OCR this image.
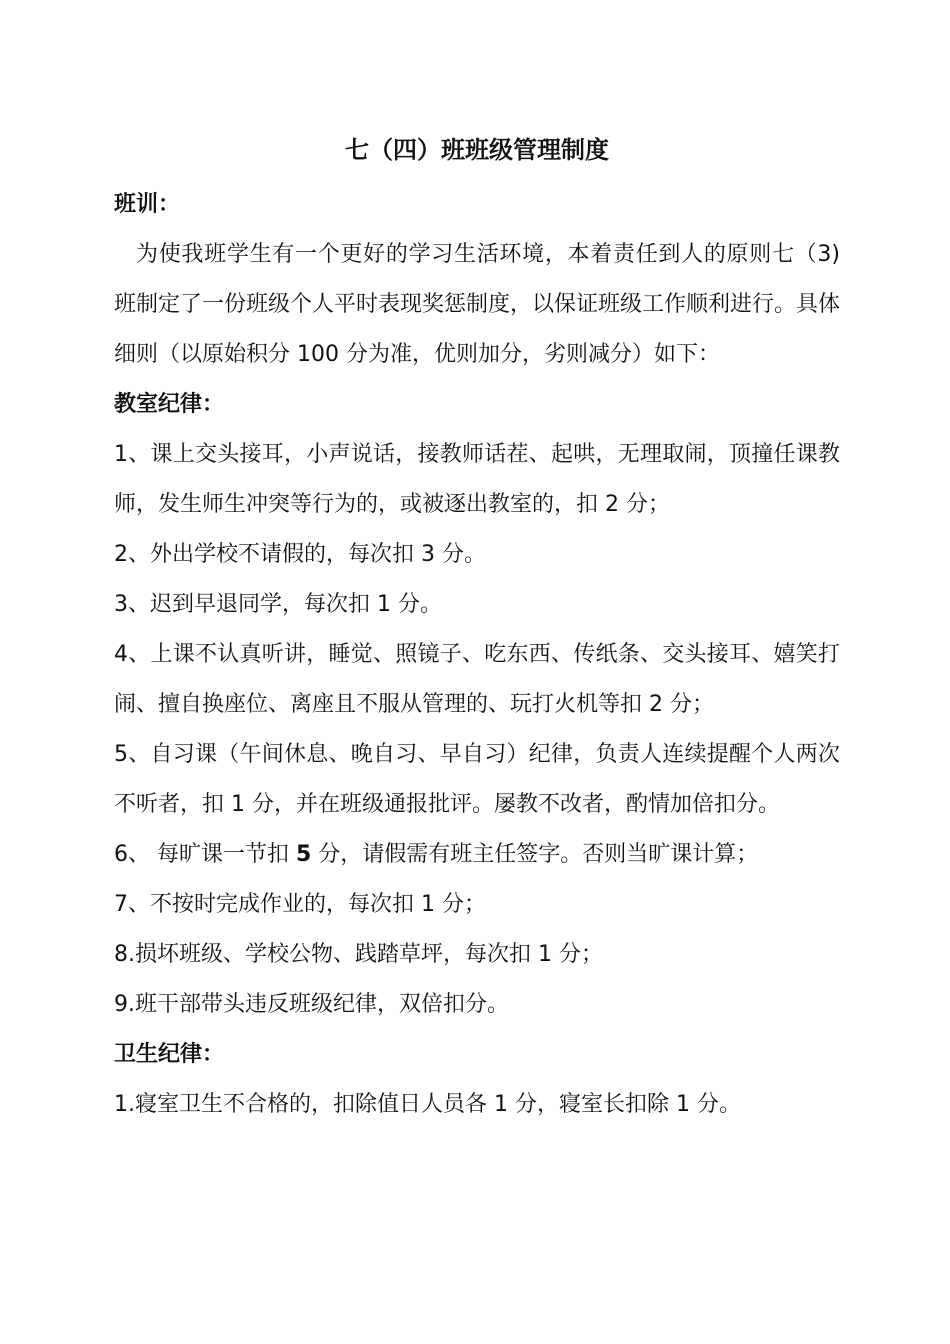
七（四）班班级管理制度

班训：

为使我班学生有一个更好的学习生活环境，本着责任到人的原则七（3)班制定了一份班级个人平时表现奖惩制度，以保证班级工作顺利进行。具体细则（以原始积分 100 分为准，优则加分，劣则减分）如下：

教室纪律：

1、课上交头接耳，小声说话，接教师话茬、起哄，无理取闹，顶撞任课教师，发生师生冲突等行为的，或被逐出教室的，扣 2 分；

2、外出学校不请假的，每次扣 3 分。

3、迟到早退同学，每次扣 1 分。

4、上课不认真听讲，睡觉、照镜子、吃东西、传纸条、交头接耳、嬉笑打闹、擅自换座位、离座且不服从管理的、玩打火机等扣 2 分；

5、自习课（午间休息、晚自习、早自习）纪律，负责人连续提醒个人两次不听者，扣 1 分，并在班级通报批评。屡教不改者，酌情加倍扣分。

6、 每旷课一节扣 5 分，请假需有班主任签字。否则当旷课计算；

7、不按时完成作业的，每次扣 1 分；

8.损坏班级、学校公物、践踏草坪，每次扣 1 分；

9.班干部带头违反班级纪律，双倍扣分。

卫生纪律：

1.寝室卫生不合格的，扣除值日人员各 1 分，寝室长扣除 1 分。
